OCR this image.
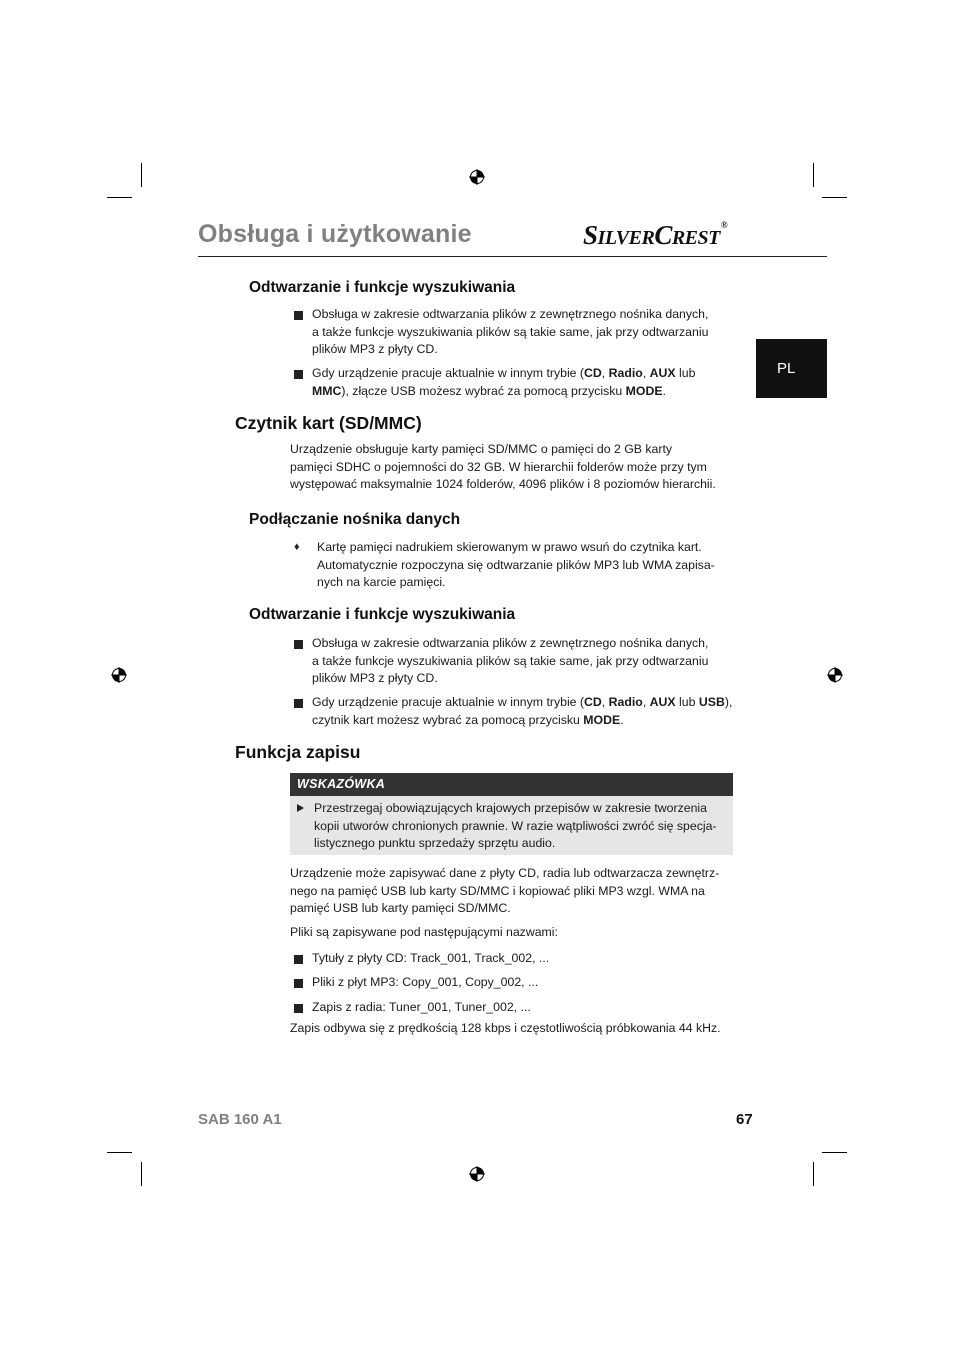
Obsługa i użytkowanie	SILVERCREST®
PL
Odtwarzanie i funkcje wyszukiwania
Obsługa w zakresie odtwarzania plików z zewnętrznego nośnika danych,
a także funkcje wyszukiwania plików są takie same, jak przy odtwarzaniu
plików MP3 z płyty CD.
Gdy urządzenie pracuje aktualnie w innym trybie (CD, Radio, AUX lub
MMC), złącze USB możesz wybrać za pomocą przycisku MODE.
Czytnik kart (SD/MMC)
Urządzenie obsługuje karty pamięci SD/MMC o pamięci do 2 GB karty
pamięci SDHC o pojemności do 32 GB. W hierarchii folderów może przy tym
występować maksymalnie 1024 folderów, 4096 plików i 8 poziomów hierarchii.
Podłączanie nośnika danych
♦ Kartę pamięci nadrukiem skierowanym w prawo wsuń do czytnika kart.
Automatycznie rozpoczyna się odtwarzanie plików MP3 lub WMA zapisa-
nych na karcie pamięci.
Odtwarzanie i funkcje wyszukiwania
Obsługa w zakresie odtwarzania plików z zewnętrznego nośnika danych,
a także funkcje wyszukiwania plików są takie same, jak przy odtwarzaniu
plików MP3 z płyty CD.
Gdy urządzenie pracuje aktualnie w innym trybie (CD, Radio, AUX lub USB),
czytnik kart możesz wybrać za pomocą przycisku MODE.
Funkcja zapisu
WSKAZÓWKA
Przestrzegaj obowiązujących krajowych przepisów w zakresie tworzenia
kopii utworów chronionych prawnie. W razie wątpliwości zwróć się specja-
listycznego punktu sprzedaży sprzętu audio.
Urządzenie może zapisywać dane z płyty CD, radia lub odtwarzacza zewnętrz-
nego na pamięć USB lub karty SD/MMC i kopiować pliki MP3 wzgl. WMA na
pamięć USB lub karty pamięci SD/MMC.
Pliki są zapisywane pod następującymi nazwami:
Tytuły z płyty CD: Track_001, Track_002, ...
Pliki z płyt MP3: Copy_001, Copy_002, ...
Zapis z radia: Tuner_001, Tuner_002, ...
Zapis odbywa się z prędkością 128 kbps i częstotliwością próbkowania 44 kHz.
SAB 160 A1	67
